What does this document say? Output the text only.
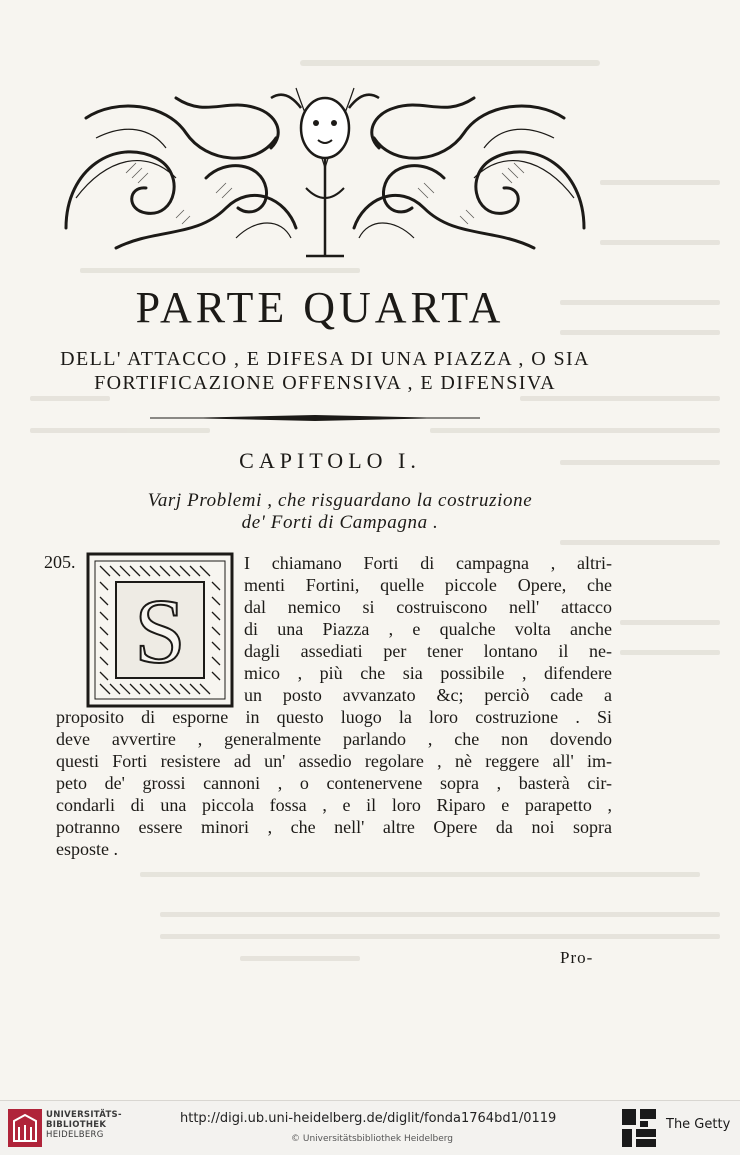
PARTE QUARTA
DELL' ATTACCO , E DIFESA DI UNA PIAZZA , O SIA
FORTIFICAZIONE OFFENSIVA , E DIFENSIVA
CAPITOLO I.
Varj Problemi , che risguardano la costruzione
de' Forti di Campagna .
205.
S
I chiamano Forti di campagna , altri-
menti Fortini, quelle piccole Opere, che
dal nemico si costruiscono nell' attacco
di una Piazza , e qualche volta anche
dagli assediati per tener lontano il ne-
mico , più che sia possibile , difendere
un posto avvanzato &c; perciò cade a
proposito di esporne in questo luogo la loro costruzione . Si
deve avvertire , generalmente parlando , che non dovendo
questi Forti resistere ad un' assedio regolare , nè reggere all' im-
peto de' grossi cannoni , o contenervene sopra , basterà cir-
condarli di una piccola fossa , e il loro Riparo e parapetto ,
potranno essere minori , che nell' altre Opere da noi sopra
esposte .
Pro-
UNIVERSITÄTS-
BIBLIOTHEK
HEIDELBERG
http://digi.ub.uni-heidelberg.de/diglit/fonda1764bd1/0119
© Universitätsbibliothek Heidelberg
The Getty
